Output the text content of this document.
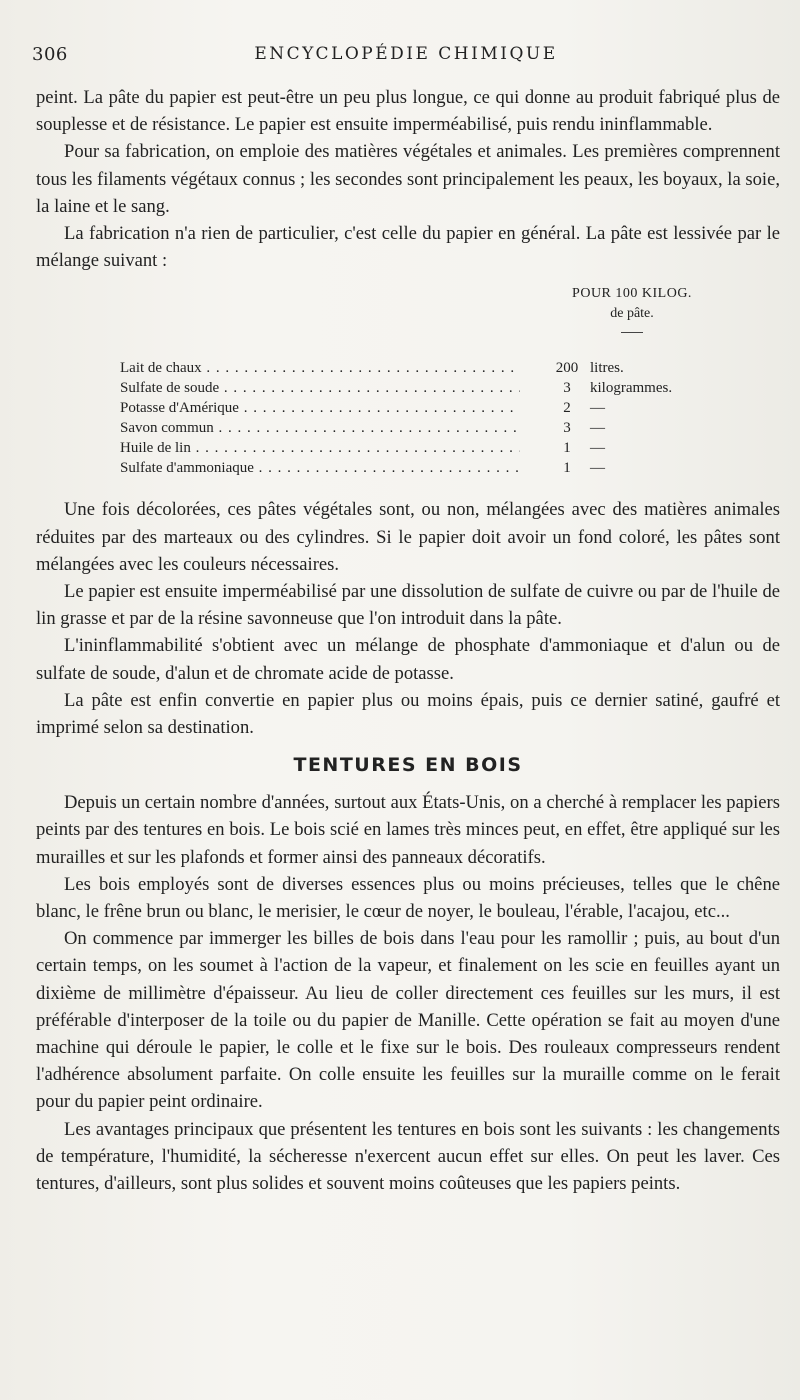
306	ENCYCLOPÉDIE CHIMIQUE

peint. La pâte du papier est peut-être un peu plus longue, ce qui donne au produit fabriqué plus de souplesse et de résistance. Le papier est ensuite imperméabilisé, puis rendu ininflammable.

Pour sa fabrication, on emploie des matières végétales et animales. Les premières comprennent tous les filaments végétaux connus ; les secondes sont principalement les peaux, les boyaux, la soie, la laine et le sang.

La fabrication n'a rien de particulier, c'est celle du papier en général. La pâte est lessivée par le mélange suivant :

POUR 100 KILOG.
de pâte.
Lait de chaux . . .	200 litres.
Sulfate de soude . . .	3	kilogrammes.
Potasse d'Amérique . . .	2	—
Savon commun . . .	3	—
Huile de lin . . .	1	—
Sulfate d'ammoniaque . . .	1	—

Une fois décolorées, ces pâtes végétales sont, ou non, mélangées avec des matières animales réduites par des marteaux ou des cylindres. Si le papier doit avoir un fond coloré, les pâtes sont mélangées avec les couleurs nécessaires.

Le papier est ensuite imperméabilisé par une dissolution de sulfate de cuivre ou par de l'huile de lin grasse et par de la résine savonneuse que l'on introduit dans la pâte.

L'ininflammabilité s'obtient avec un mélange de phosphate d'ammoniaque et d'alun ou de sulfate de soude, d'alun et de chromate acide de potasse.

La pâte est enfin convertie en papier plus ou moins épais, puis ce dernier satiné, gaufré et imprimé selon sa destination.

TENTURES EN BOIS

Depuis un certain nombre d'années, surtout aux États-Unis, on a cherché à remplacer les papiers peints par des tentures en bois. Le bois scié en lames très minces peut, en effet, être appliqué sur les murailles et sur les plafonds et former ainsi des panneaux décoratifs.

Les bois employés sont de diverses essences plus ou moins précieuses, telles que le chêne blanc, le frêne brun ou blanc, le merisier, le cœur de noyer, le bouleau, l'érable, l'acajou, etc...

On commence par immerger les billes de bois dans l'eau pour les ramollir ; puis, au bout d'un certain temps, on les soumet à l'action de la vapeur, et finalement on les scie en feuilles ayant un dixième de millimètre d'épaisseur. Au lieu de coller directement ces feuilles sur les murs, il est préférable d'interposer de la toile ou du papier de Manille. Cette opération se fait au moyen d'une machine qui déroule le papier, le colle et le fixe sur le bois. Des rouleaux compresseurs rendent l'adhérence absolument parfaite. On colle ensuite les feuilles sur la muraille comme on le ferait pour du papier peint ordinaire.

Les avantages principaux que présentent les tentures en bois sont les suivants : les changements de température, l'humidité, la sécheresse n'exercent aucun effet sur elles. On peut les laver. Ces tentures, d'ailleurs, sont plus solides et souvent moins coûteuses que les papiers peints.
